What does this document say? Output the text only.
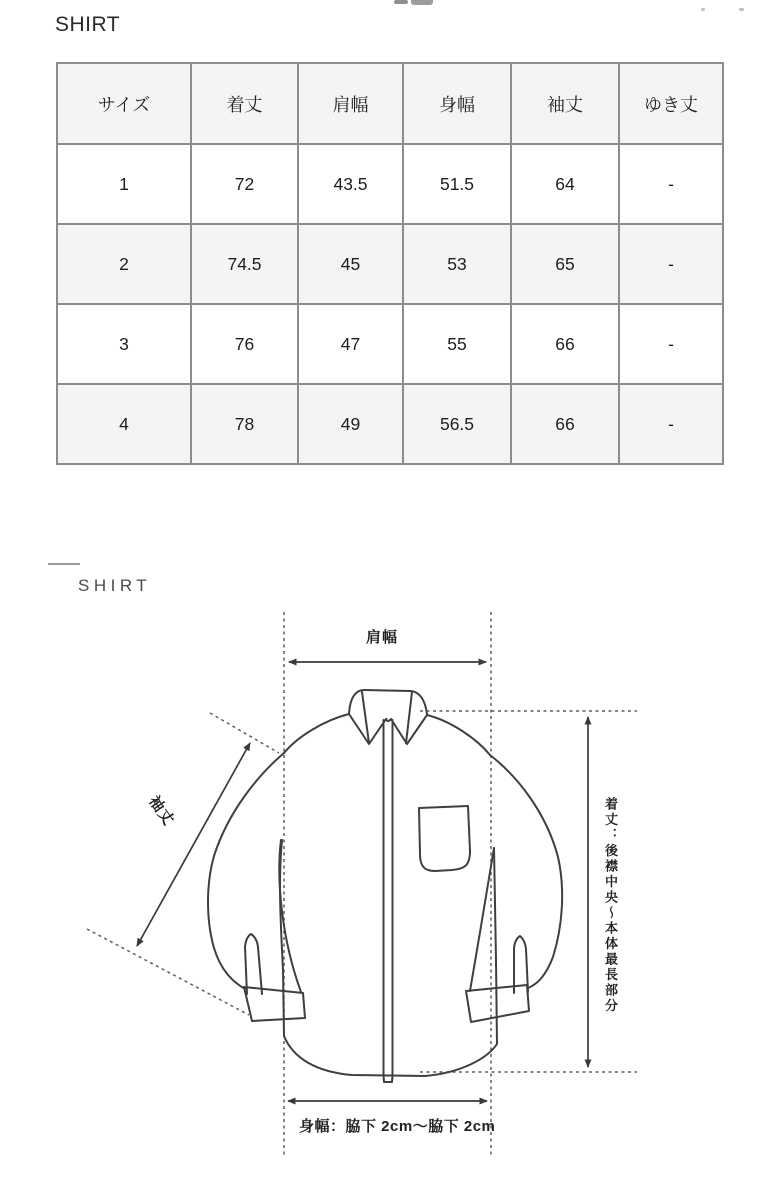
SHIRT
サイズ	着丈	肩幅	身幅	袖丈	ゆき丈
1	72	43.5	51.5	64	-
2	74.5	45	53	65	-
3	76	47	55	66	-
4	78	49	56.5	66	-
SHIRT
肩幅
袖丈	着丈：後襟中央～本体最長部分
身幅：脇下 2cm～脇下 2cm
